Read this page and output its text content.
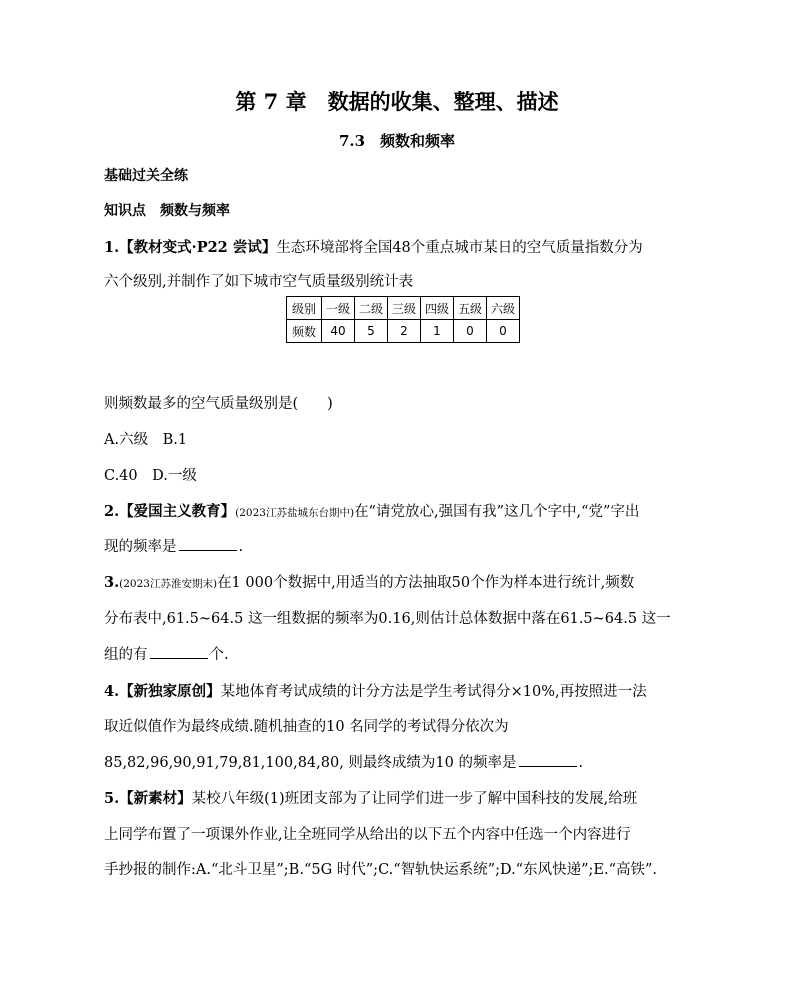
第 7 章　数据的收集、整理、描述
7.3　频数和频率
基础过关全练
知识点　频数与频率
1.【教材变式·P22 尝试】生态环境部将全国48个重点城市某日的空气质量指数分为
六个级别,并制作了如下城市空气质量级别统计表
级别	一级	二级	三级	四级	五级	六级
频数	40	5	2	1	0	0
则频数最多的空气质量级别是(　　)
A.六级　B.1
C.40　D.一级
2.【爱国主义教育】(2023江苏盐城东台期中)在“请党放心,强国有我”这几个字中,“党”字出
现的频率是	.
3.(2023江苏淮安期末)在1 000个数据中,用适当的方法抽取50个作为样本进行统计,频数
分布表中,61.5~64.5 这一组数据的频率为0.16,则估计总体数据中落在61.5~64.5 这一
组的有	个.
4.【新独家原创】某地体育考试成绩的计分方法是学生考试得分×10%,再按照进一法
取近似值作为最终成绩.随机抽查的10 名同学的考试得分依次为
85,82,96,90,91,79,81,100,84,80, 则最终成绩为10 的频率是	.
5.【新素材】某校八年级(1)班团支部为了让同学们进一步了解中国科技的发展,给班
上同学布置了一项课外作业,让全班同学从给出的以下五个内容中任选一个内容进行
手抄报的制作:A.“北斗卫星”;B.“5G 时代”;C.“智轨快运系统”;D.“东风快递”;E.“高铁”.
